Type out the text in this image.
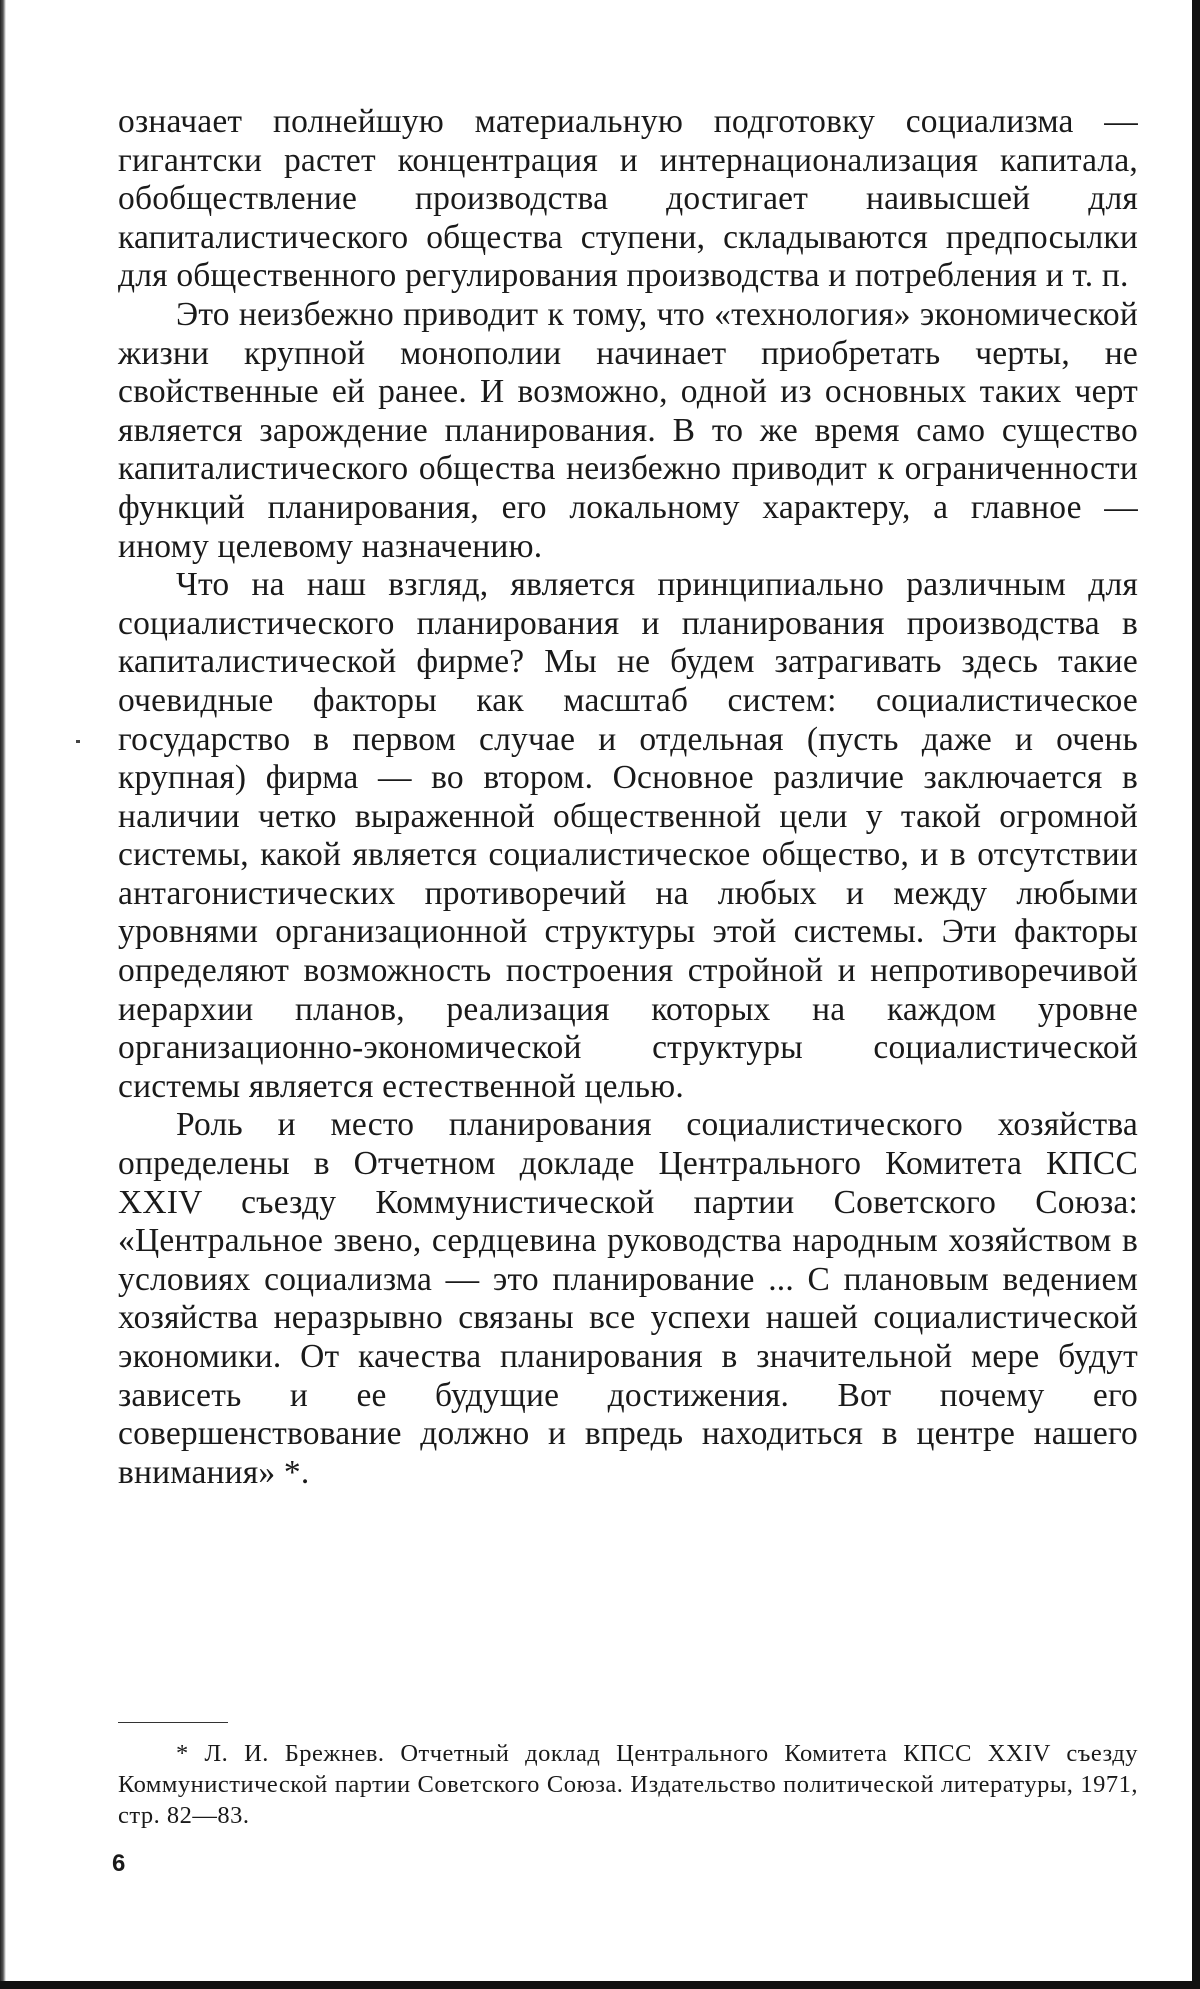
означает полнейшую материальную подготовку социализма — гигантски растет концентрация и интернационализация капитала, обобществление производства достигает наивысшей для капиталистического общества ступени, складываются предпосылки для общественного регулирования производства и потребления и т. п.

Это неизбежно приводит к тому, что «технология» экономической жизни крупной монополии начинает приобретать черты, не свойственные ей ранее. И возможно, одной из основных таких черт является зарождение планирования. В то же время само существо капиталистического общества неизбежно приводит к ограниченности функций планирования, его локальному характеру, а главное — иному целевому назначению.

Что на наш взгляд, является принципиально различным для социалистического планирования и планирования производства в капиталистической фирме? Мы не будем затрагивать здесь такие очевидные факторы как масштаб систем: социалистическое государство в первом случае и отдельная (пусть даже и очень крупная) фирма — во втором. Основное различие заключается в наличии четко выраженной общественной цели у такой огромной системы, какой является социалистическое общество, и в отсутствии антагонистических противоречий на любых и между любыми уровнями организационной структуры этой системы. Эти факторы определяют возможность построения стройной и непротиворечивой иерархии планов, реализация которых на каждом уровне организационно-экономической структуры социалистической системы является естественной целью.

Роль и место планирования социалистического хозяйства определены в Отчетном докладе Центрального Комитета КПСС XXIV съезду Коммунистической партии Советского Союза: «Центральное звено, сердцевина руководства народным хозяйством в условиях социализма — это планирование ... С плановым ведением хозяйства неразрывно связаны все успехи нашей социалистической экономики. От качества планирования в значительной мере будут зависеть и ее будущие достижения. Вот почему его совершенствование должно и впредь находиться в центре нашего внимания» *.

* Л. И. Брежнев. Отчетный доклад Центрального Комитета КПСС XXIV съезду Коммунистической партии Советского Союза. Издательство политической литературы, 1971, стр. 82—83.

6
